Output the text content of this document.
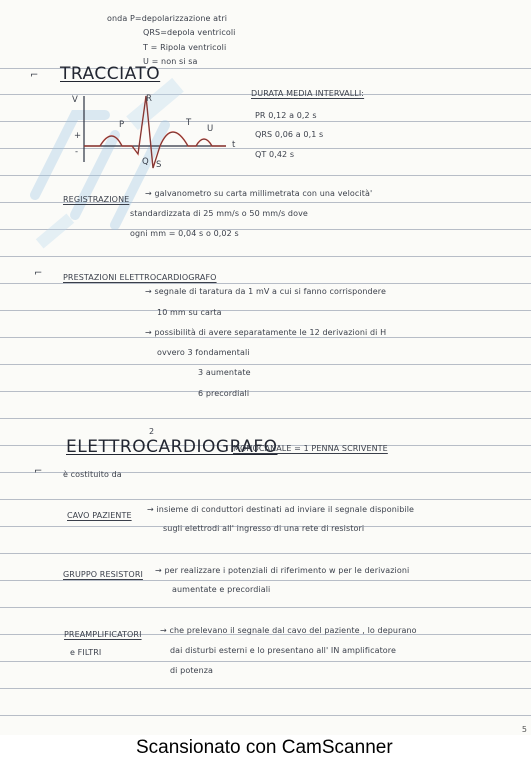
onda P=depolarizzazione atri
QRS=depola ventricoli
T = Ripola ventricoli
U = non si sa
⌐ TRACCIATO
V
t
+
-
P
Q
R
S
T
U
DURATA MEDIA INTERVALLI:
PR 0,12 a 0,2 s
QRS 0,06 a 0,1 s
QT 0,42 s
REGISTRAZIONE
→ galvanometro su carta millimetrata con una velocità'
standardizzata di 25 mm/s o 50 mm/s dove
ogni mm = 0,04 s o 0,02 s
⌐	PRESTAZIONI ELETTROCARDIOGRAFO
→ segnale di taratura da 1 mV a cui si fanno corrispondere
10 mm su carta
→ possibilità di avere separatamente le 12 derivazioni di H
ovvero 3 fondamentali
3 aumentate
6 precordiali
2
ELETTROCARDIOGRAFO
MONOCANALE = 1 PENNA SCRIVENTE
⌐	è costituito da
CAVO PAZIENTE
→ insieme di conduttori destinati ad inviare il segnale disponibile
sugli elettrodi all' ingresso di una rete di resistori
GRUPPO RESISTORI → per realizzare i potenziali di riferimento w per le derivazioni
aumentate e precordiali
PREAMPLIFICATORI → che prelevano il segnale dal cavo del paziente , lo depurano
e FILTRI	dai disturbi esterni e lo presentano all' IN amplificatore
di potenza
Scansionato con CamScanner
5
